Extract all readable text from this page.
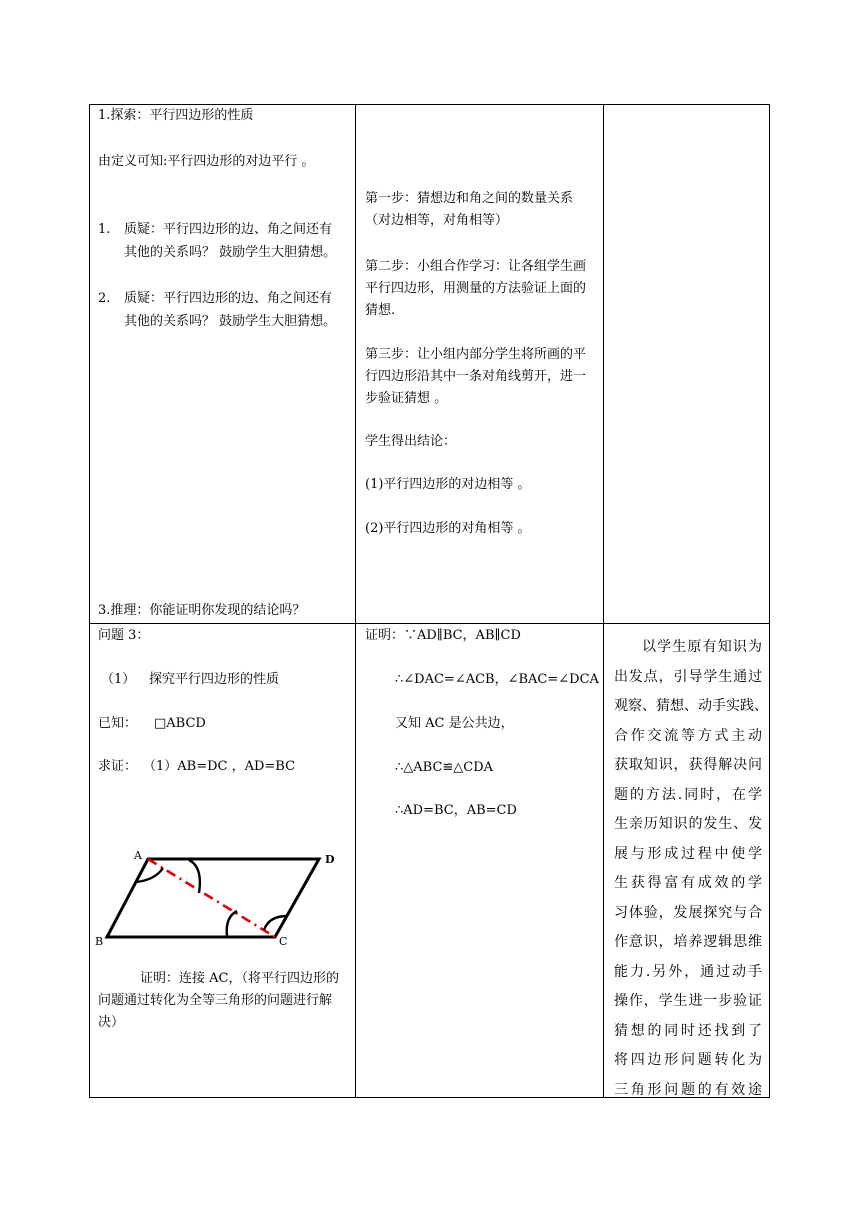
1.探索：平行四边形的性质
由定义可知:平行四边形的对边平行 。
1. 质疑：平行四边形的边、角之间还有其他的关系吗？ 鼓励学生大胆猜想。
2. 质疑：平行四边形的边、角之间还有其他的关系吗？ 鼓励学生大胆猜想。
3.推理：你能证明你发现的结论吗？
第一步：猜想边和角之间的数量关系（对边相等，对角相等）
第二步：小组合作学习：让各组学生画平行四边形，用测量的方法验证上面的猜想.
第三步：让小组内部分学生将所画的平行四边形沿其中一条对角线剪开，进一步验证猜想 。
学生得出结论：
(1)平行四边形的对边相等 。
(2)平行四边形的对角相等 。
问题 3：
（1） 探究平行四边形的性质
已知： □ABCD
求证： （1）AB=DC ，AD=BC
A	D
B	C
证明：连接 AC，（将平行四边形的问题通过转化为全等三角形的问题进行解决）
证明：∵AD∥BC，AB∥CD
∴∠DAC=∠ACB，∠BAC=∠DCA
又知 AC 是公共边，
∴△ABC≌△CDA
∴AD=BC，AB=CD
以学生原有知识为
出发点，引导学生通过
观察、猜想、动手实践、
合作交流等方式主动
获取知识，获得解决问
题的方法.同时，在学
生亲历知识的发生、发
展与形成过程中使学
生获得富有成效的学
习体验，发展探究与合
作意识，培养逻辑思维
能力.另外，通过动手
操作，学生进一步验证
猜想的同时还找到了
将四边形问题转化为
三角形问题的有效途
